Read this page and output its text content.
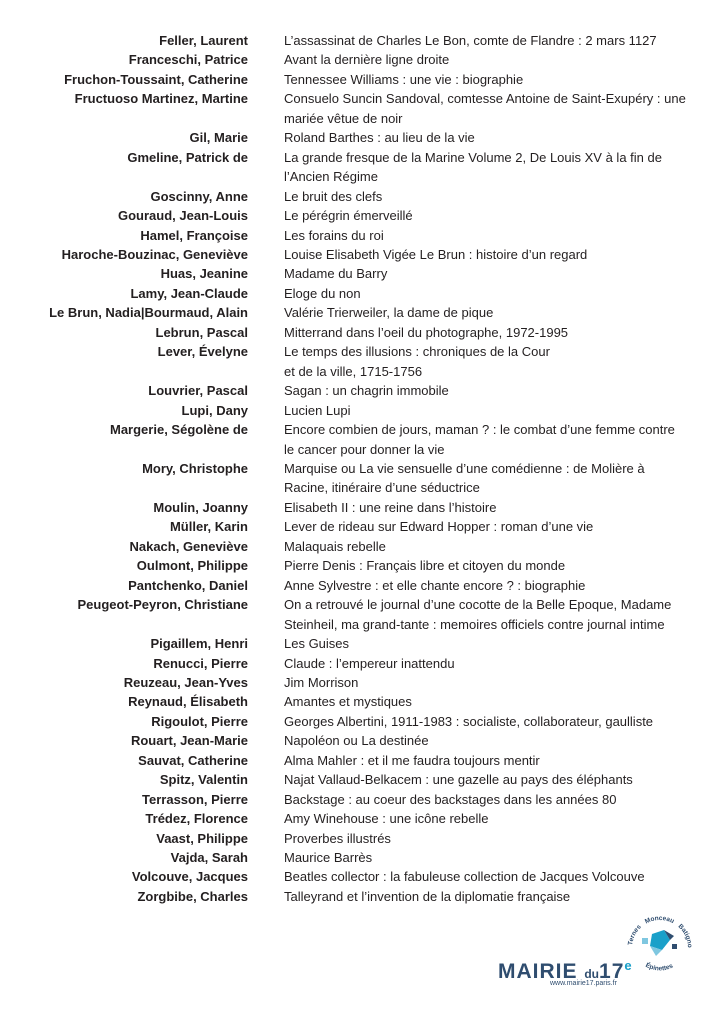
Feller, Laurent	L’assassinat de Charles Le Bon, comte de Flandre : 2 mars 1127
Franceschi, Patrice	Avant la dernière ligne droite
Fruchon-Toussaint, Catherine	Tennessee Williams : une vie : biographie
Fructuoso Martinez, Martine	Consuelo Suncin Sandoval, comtesse Antoine de Saint-Exupéry : une
mariée vêtue de noir
Gil, Marie	Roland Barthes : au lieu de la vie
Gmeline, Patrick de	La grande fresque de la Marine Volume 2, De Louis XV à la fin de
l’Ancien Régime
Goscinny, Anne	Le bruit des clefs
Gouraud, Jean-Louis	Le pérégrin émerveillé
Hamel, Françoise	Les forains du roi
Haroche-Bouzinac, Geneviève	Louise Elisabeth Vigée Le Brun : histoire d’un regard
Huas, Jeanine	Madame du Barry
Lamy, Jean-Claude	Eloge du non
Le Brun, Nadia|Bourmaud, Alain	Valérie Trierweiler, la dame de pique
Lebrun, Pascal	Mitterrand dans l’oeil du photographe, 1972-1995
Lever, Évelyne	Le temps des illusions : chroniques de la Cour
et de la ville, 1715-1756
Louvrier, Pascal	Sagan : un chagrin immobile
Lupi, Dany	Lucien Lupi
Margerie, Ségolène de	Encore combien de jours, maman ? : le combat d’une femme contre
le cancer pour donner la vie
Mory, Christophe	Marquise ou La vie sensuelle d’une comédienne : de Molière à
Racine, itinéraire d’une séductrice
Moulin, Joanny	Elisabeth II : une reine dans l’histoire
Müller, Karin	Lever de rideau sur Edward Hopper : roman d’une vie
Nakach, Geneviève	Malaquais rebelle
Oulmont, Philippe	Pierre Denis : Français libre et citoyen du monde
Pantchenko, Daniel	Anne Sylvestre : et elle chante encore ? : biographie
Peugeot-Peyron, Christiane	On a retrouvé le journal d’une cocotte de la Belle Epoque, Madame
Steinheil, ma grand-tante : memoires officiels contre journal intime
Pigaillem, Henri	Les Guises
Renucci, Pierre	Claude : l’empereur inattendu
Reuzeau, Jean-Yves	Jim Morrison
Reynaud, Élisabeth	Amantes et mystiques
Rigoulot, Pierre	Georges Albertini, 1911-1983 : socialiste, collaborateur, gaulliste
Rouart, Jean-Marie	Napoléon ou La destinée
Sauvat, Catherine	Alma Mahler : et il me faudra toujours mentir
Spitz, Valentin	Najat Vallaud-Belkacem : une gazelle au pays des éléphants
Terrasson, Pierre	Backstage : au coeur des backstages dans les années 80
Trédez, Florence	Amy Winehouse : une icône rebelle
Vaast, Philippe	Proverbes illustrés
Vajda, Sarah	Maurice Barrès
Volcouve, Jacques	Beatles collector : la fabuleuse collection de Jacques Volcouve
Zorgbibe, Charles	Talleyrand et l’invention de la diplomatie française
Ternes Monceau Batigno
Épinettes
MAIRIE du17e
www.mairie17.paris.fr
